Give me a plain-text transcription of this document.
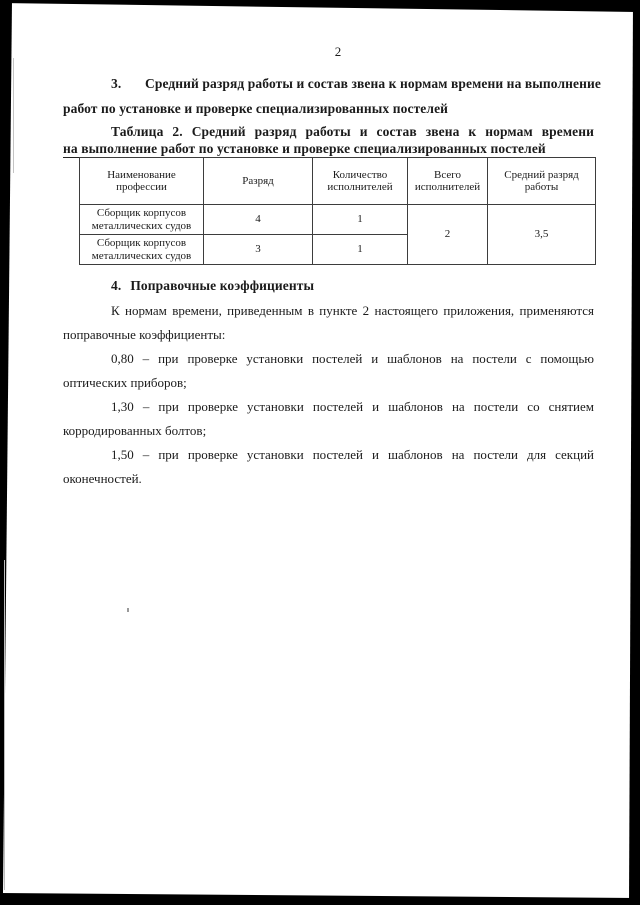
2
3.	Средний разряд работы и состав звена к нормам времени на выполнение
работ по установке и проверке специализированных постелей
Таблица 2. Средний разряд работы и состав звена к нормам времени
на выполнение работ по установке и проверке специализированных постелей
Наименование профессии	Разряд	Количество исполнителей	Всего исполнителей	Средний разряд работы
Сборщик корпусов металлических судов	4	1	2	3,5
Сборщик корпусов металлических судов	3	1		
4. Поправочные коэффициенты
К нормам времени, приведенным в пункте 2 настоящего приложения, применяются
поправочные коэффициенты:
0,80 – при проверке установки постелей и шаблонов на постели с помощью
оптических приборов;
1,30 – при проверке установки постелей и шаблонов на постели со снятием
корродированных болтов;
1,50 – при проверке установки постелей и шаблонов на постели для секций
оконечностей.
